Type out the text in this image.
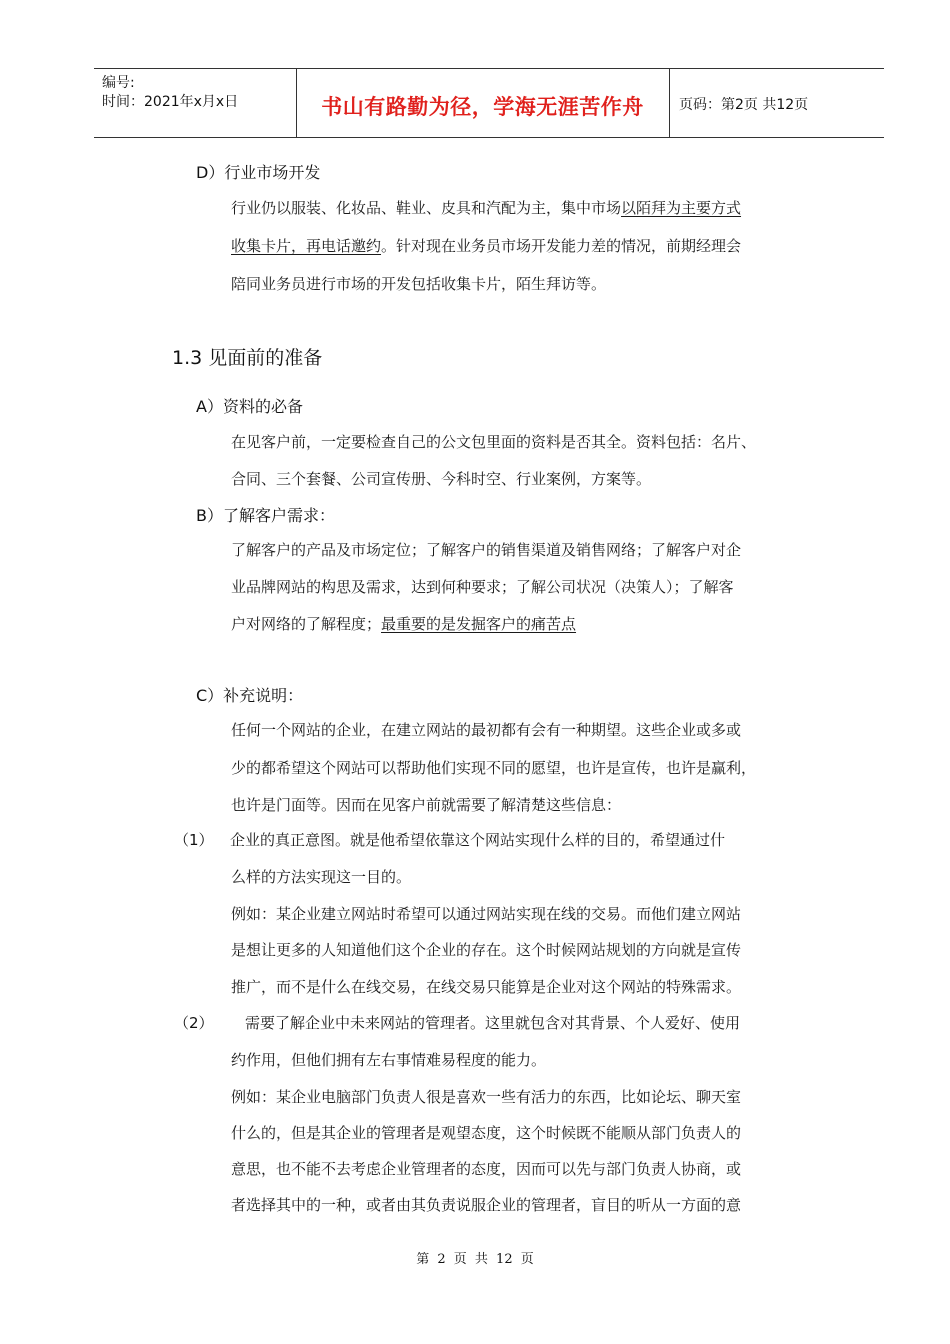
编号:
时间：2021年x月x日	书山有路勤为径，学海无涯苦作舟	页码：第2页 共12页
D）行业市场开发
行业仍以服装、化妆品、鞋业、皮具和汽配为主，集中市场以陌拜为主要方式
收集卡片，再电话邀约。针对现在业务员市场开发能力差的情况，前期经理会
陪同业务员进行市场的开发包括收集卡片，陌生拜访等。
1.3 见面前的准备
A）资料的必备
在见客户前，一定要检查自己的公文包里面的资料是否其全。资料包括：名片、
合同、三个套餐、公司宣传册、今科时空、行业案例，方案等。
B）了解客户需求：
了解客户的产品及市场定位；了解客户的销售渠道及销售网络；了解客户对企
业品牌网站的构思及需求，达到何种要求；了解公司状况（决策人）；了解客
户对网络的了解程度；最重要的是发掘客户的痛苦点
C）补充说明：
任何一个网站的企业，在建立网站的最初都有会有一种期望。这些企业或多或
少的都希望这个网站可以帮助他们实现不同的愿望，也许是宣传，也许是赢利，
也许是门面等。因而在见客户前就需要了解清楚这些信息：
（1） 企业的真正意图。就是他希望依靠这个网站实现什么样的目的，希望通过什
么样的方法实现这一目的。
例如：某企业建立网站时希望可以通过网站实现在线的交易。而他们建立网站
是想让更多的人知道他们这个企业的存在。这个时候网站规划的方向就是宣传
推广，而不是什么在线交易，在线交易只能算是企业对这个网站的特殊需求。
（2） 需要了解企业中未来网站的管理者。这里就包含对其背景、个人爱好、使用
约作用，但他们拥有左右事情难易程度的能力。
例如：某企业电脑部门负责人很是喜欢一些有活力的东西，比如论坛、聊天室
什么的，但是其企业的管理者是观望态度，这个时候既不能顺从部门负责人的
意思，也不能不去考虑企业管理者的态度，因而可以先与部门负责人协商，或
者选择其中的一种，或者由其负责说服企业的管理者，盲目的听从一方面的意
第 2 页 共 12 页
